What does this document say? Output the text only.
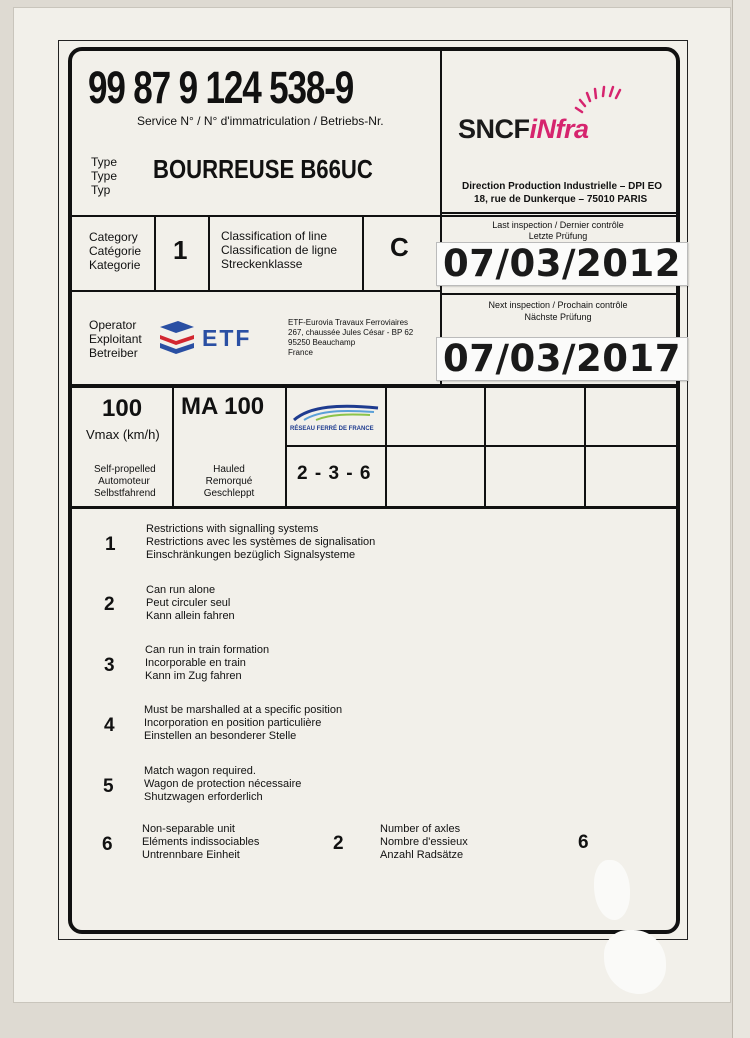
99 87 9 124 538-9
Service N° / N° d'immatriculation / Betriebs-Nr.
Type
Type
Typ
BOURREUSE B66UC
SNCFiNfra
Direction Production Industrielle – DPI EO
18, rue de Dunkerque – 75010 PARIS
Category
Catégorie
Kategorie 1	Classification of line
Classification de ligne
Streckenklasse
C
Last inspection / Dernier contrôle
Letzte Prüfung
07/03/2012
Next inspection / Prochain contrôle
Nächste Prüfung
07/03/2017
Operator
Exploitant
Betreiber
ETF
ETF-Eurovia Travaux Ferroviaires
267, chaussée Jules César - BP 62
95250 Beauchamp
France
100
Vmax (km/h)
Self-propelled
Automoteur
Selbstfahrend
MA 100
Hauled
Remorqué
Geschleppt
RÉSEAU FERRÉ DE FRANCE
2 - 3 - 6
1
Restrictions with signalling systems
Restrictions avec les systèmes de signalisation
Einschränkungen bezüglich Signalsysteme
2
Can run alone
Peut circuler seul
Kann allein fahren
3
Can run in train formation
Incorporable en train
Kann im Zug fahren
4
Must be marshalled at a specific position
Incorporation en position particulière
Einstellen an besonderer Stelle
5
Match wagon required.
Wagon de protection nécessaire
Shutzwagen erforderlich
6
Non-separable unit
Eléments indissociables
Untrennbare Einheit
2
Number of axles
Nombre d'essieux
Anzahl Radsätze
6
